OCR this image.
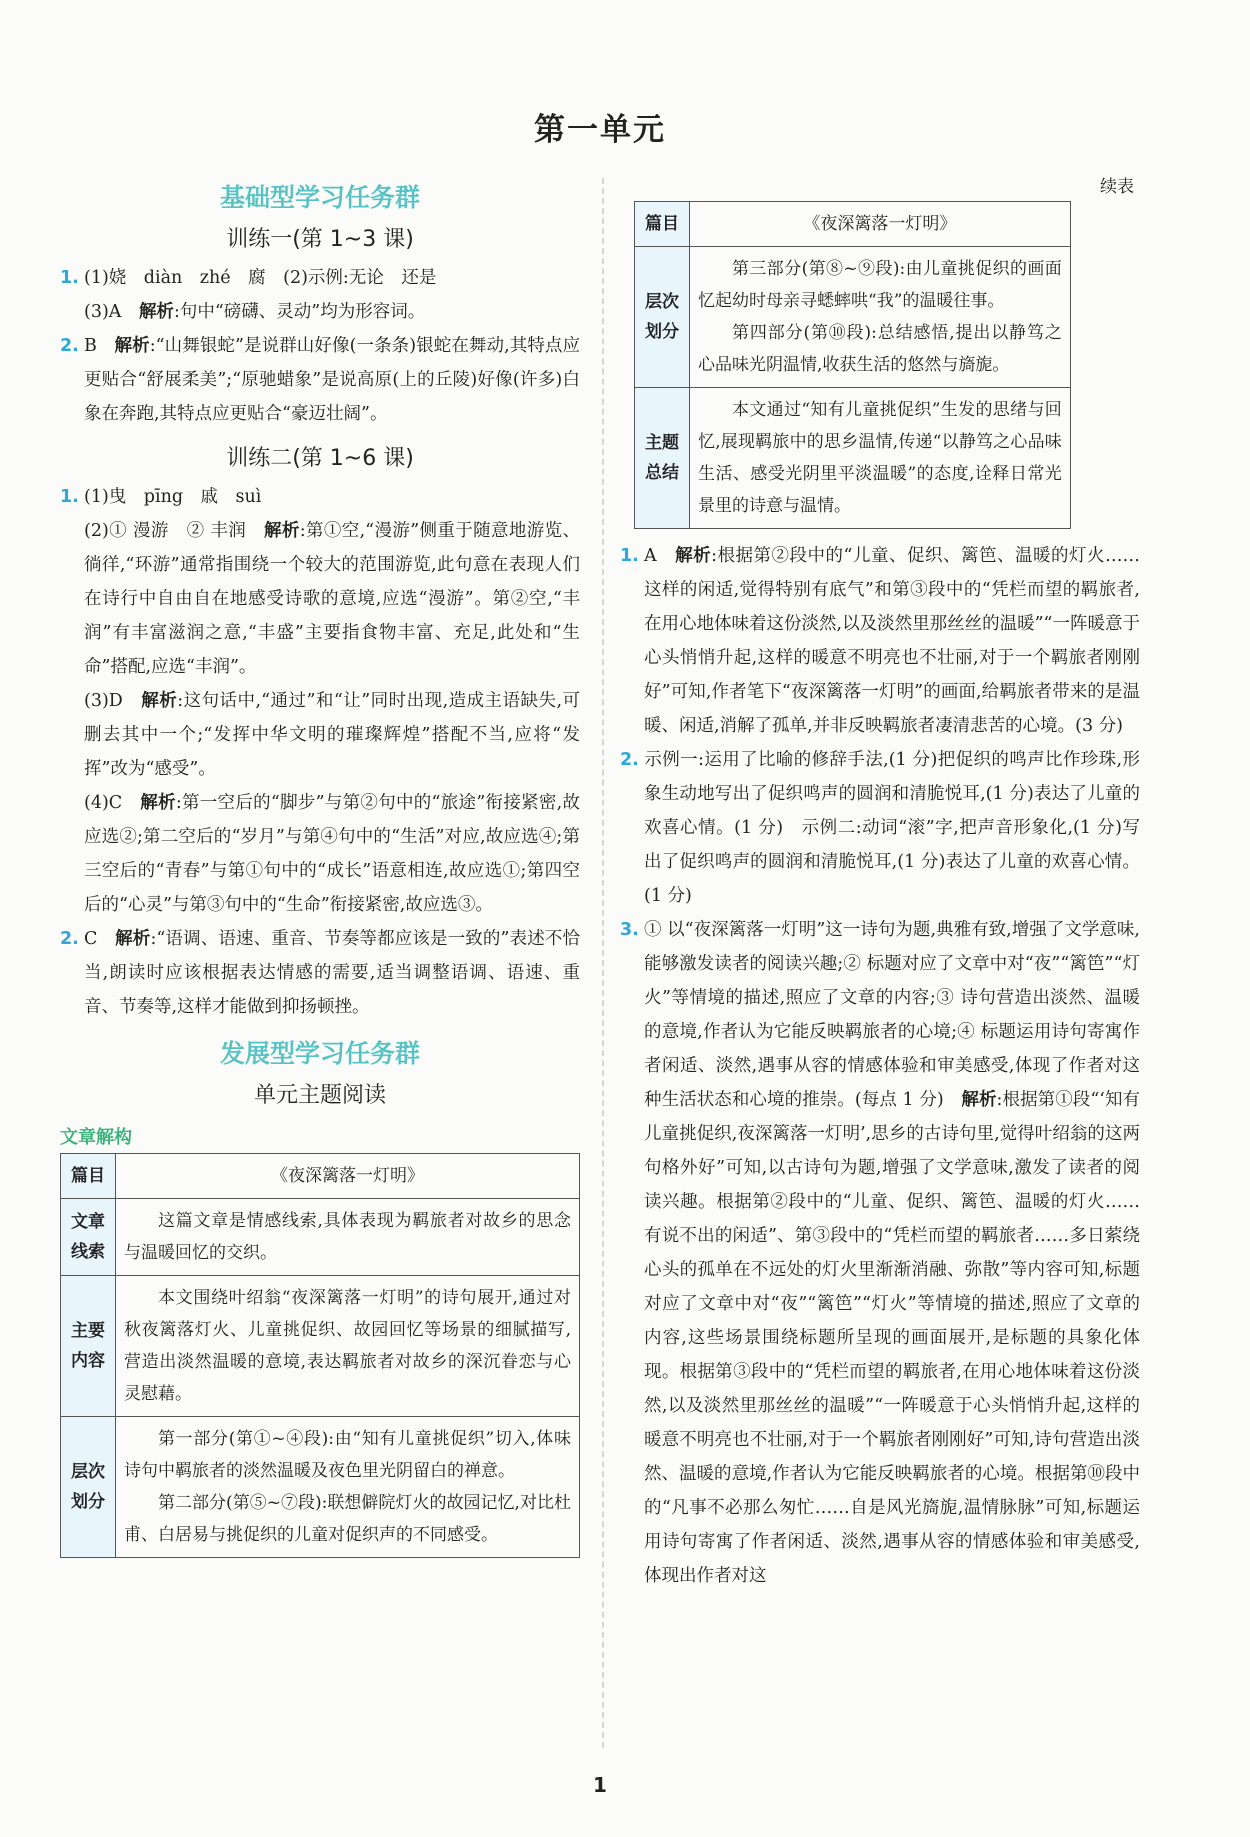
第一单元
基础型学习任务群
训练一(第 1~3 课)

1. (1)娆　diàn　zhé　腐　(2)示例:无论　还是

(3)A　解析:句中“磅礴、灵动”均为形容词。

2. B　解析:“山舞银蛇”是说群山好像(一条条)银蛇在舞动,其特点应更贴合“舒展柔美”;“原驰蜡象”是说高原(上的丘陵)好像(许多)白象在奔跑,其特点应更贴合“豪迈壮阔”。

训练二(第 1~6 课)

1. (1)曳　pīng　戚　suì

(2)① 漫游　② 丰润　解析:第①空,“漫游”侧重于随意地游览、徜徉,“环游”通常指围绕一个较大的范围游览,此句意在表现人们在诗行中自由自在地感受诗歌的意境,应选“漫游”。第②空,“丰润”有丰富滋润之意,“丰盛”主要指食物丰富、充足,此处和“生命”搭配,应选“丰润”。

(3)D　解析:这句话中,“通过”和“让”同时出现,造成主语缺失,可删去其中一个;“发挥中华文明的璀璨辉煌”搭配不当,应将“发挥”改为“感受”。

(4)C　解析:第一空后的“脚步”与第②句中的“旅途”衔接紧密,故应选②;第二空后的“岁月”与第④句中的“生活”对应,故应选④;第三空后的“青春”与第①句中的“成长”语意相连,故应选①;第四空后的“心灵”与第③句中的“生命”衔接紧密,故应选③。

2. C　解析:“语调、语速、重音、节奏等都应该是一致的”表述不恰当,朗读时应该根据表达情感的需要,适当调整语调、语速、重音、节奏等,这样才能做到抑扬顿挫。

发展型学习任务群
单元主题阅读
文章解构
篇目	《夜深篱落一灯明》
文章线索	这篇文章是情感线索,具体表现为羁旅者对故乡的思念与温暖回忆的交织。

主要内容	本文围绕叶绍翁“夜深篱落一灯明”的诗句展开,通过对秋夜篱落灯火、儿童挑促织、故园回忆等场景的细腻描写,营造出淡然温暖的意境,表达羁旅者对故乡的深沉眷恋与心灵慰藉。

层次划分	第一部分(第①~④段):由“知有儿童挑促织”切入,体味诗句中羁旅者的淡然温暖及夜色里光阴留白的禅意。
第二部分(第⑤~⑦段):联想僻院灯火的故园记忆,对比杜甫、白居易与挑促织的儿童对促织声的不同感受。
续表
篇目	《夜深篱落一灯明》
层次划分	第三部分(第⑧~⑨段):由儿童挑促织的画面忆起幼时母亲寻蟋蟀哄“我”的温暖往事。
第四部分(第⑩段):总结感悟,提出以静笃之心品味光阴温情,收获生活的悠然与旖旎。

主题总结	本文通过“知有儿童挑促织”生发的思绪与回忆,展现羁旅中的思乡温情,传递“以静笃之心品味生活、感受光阴里平淡温暖”的态度,诠释日常光景里的诗意与温情。

1. A　解析:根据第②段中的“儿童、促织、篱笆、温暖的灯火……这样的闲适,觉得特别有底气”和第③段中的“凭栏而望的羁旅者,在用心地体味着这份淡然,以及淡然里那丝丝的温暖”“一阵暖意于心头悄悄升起,这样的暖意不明亮也不壮丽,对于一个羁旅者刚刚好”可知,作者笔下“夜深篱落一灯明”的画面,给羁旅者带来的是温暖、闲适,消解了孤单,并非反映羁旅者凄清悲苦的心境。(3 分)

2. 示例一:运用了比喻的修辞手法,(1 分)把促织的鸣声比作珍珠,形象生动地写出了促织鸣声的圆润和清脆悦耳,(1 分)表达了儿童的欢喜心情。(1 分)　示例二:动词“滚”字,把声音形象化,(1 分)写出了促织鸣声的圆润和清脆悦耳,(1 分)表达了儿童的欢喜心情。(1 分)

3. ① 以“夜深篱落一灯明”这一诗句为题,典雅有致,增强了文学意味,能够激发读者的阅读兴趣;② 标题对应了文章中对“夜”“篱笆”“灯火”等情境的描述,照应了文章的内容;③ 诗句营造出淡然、温暖的意境,作者认为它能反映羁旅者的心境;④ 标题运用诗句寄寓作者闲适、淡然,遇事从容的情感体验和审美感受,体现了作者对这种生活状态和心境的推崇。(每点 1 分)　解析:根据第①段“‘知有儿童挑促织,夜深篱落一灯明’,思乡的古诗句里,觉得叶绍翁的这两句格外好”可知,以古诗句为题,增强了文学意味,激发了读者的阅读兴趣。根据第②段中的“儿童、促织、篱笆、温暖的灯火……有说不出的闲适”、第③段中的“凭栏而望的羁旅者……多日萦绕心头的孤单在不远处的灯火里渐渐消融、弥散”等内容可知,标题对应了文章中对“夜”“篱笆”“灯火”等情境的描述,照应了文章的内容,这些场景围绕标题所呈现的画面展开,是标题的具象化体现。根据第③段中的“凭栏而望的羁旅者,在用心地体味着这份淡然,以及淡然里那丝丝的温暖”“一阵暖意于心头悄悄升起,这样的暖意不明亮也不壮丽,对于一个羁旅者刚刚好”可知,诗句营造出淡然、温暖的意境,作者认为它能反映羁旅者的心境。根据第⑩段中的“凡事不必那么匆忙……自是风光旖旎,温情脉脉”可知,标题运用诗句寄寓了作者闲适、淡然,遇事从容的情感体验和审美感受,体现出作者对这

1
